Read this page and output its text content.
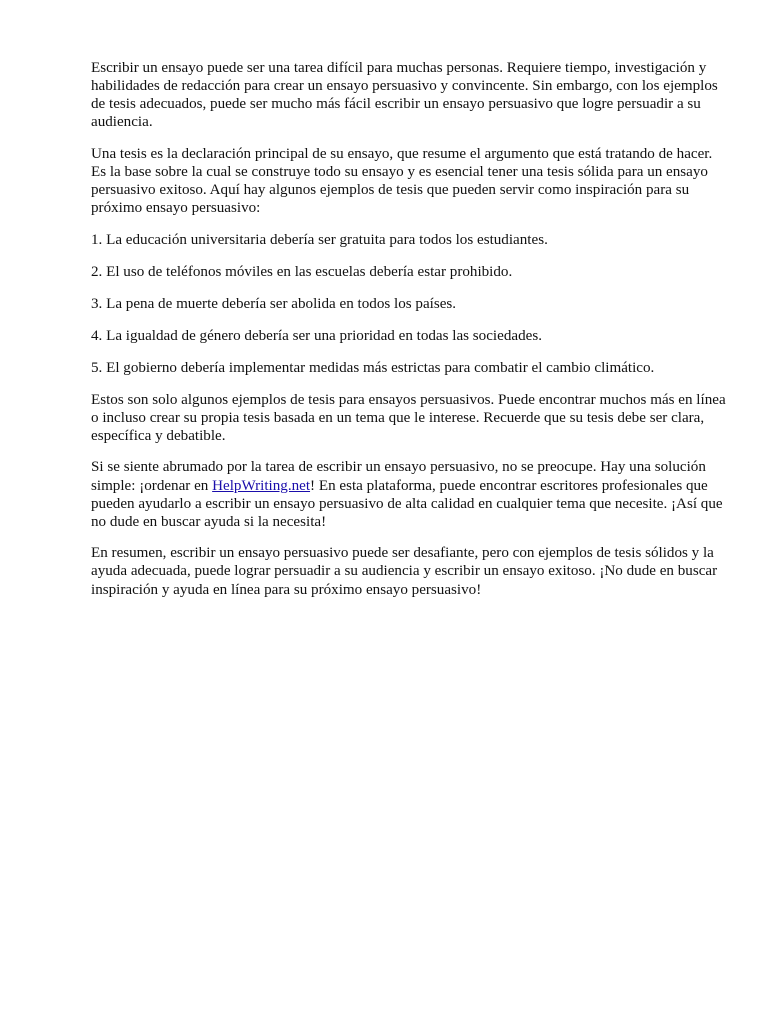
Escribir un ensayo puede ser una tarea difícil para muchas personas. Requiere tiempo, investigación y habilidades de redacción para crear un ensayo persuasivo y convincente. Sin embargo, con los ejemplos de tesis adecuados, puede ser mucho más fácil escribir un ensayo persuasivo que logre persuadir a su audiencia.

Una tesis es la declaración principal de su ensayo, que resume el argumento que está tratando de hacer. Es la base sobre la cual se construye todo su ensayo y es esencial tener una tesis sólida para un ensayo persuasivo exitoso. Aquí hay algunos ejemplos de tesis que pueden servir como inspiración para su próximo ensayo persuasivo:

1. La educación universitaria debería ser gratuita para todos los estudiantes.

2. El uso de teléfonos móviles en las escuelas debería estar prohibido.

3. La pena de muerte debería ser abolida en todos los países.

4. La igualdad de género debería ser una prioridad en todas las sociedades.

5. El gobierno debería implementar medidas más estrictas para combatir el cambio climático.

Estos son solo algunos ejemplos de tesis para ensayos persuasivos. Puede encontrar muchos más en línea o incluso crear su propia tesis basada en un tema que le interese. Recuerde que su tesis debe ser clara, específica y debatible.

Si se siente abrumado por la tarea de escribir un ensayo persuasivo, no se preocupe. Hay una solución simple: ¡ordenar en HelpWriting.net! En esta plataforma, puede encontrar escritores profesionales que pueden ayudarlo a escribir un ensayo persuasivo de alta calidad en cualquier tema que necesite. ¡Así que no dude en buscar ayuda si la necesita!

En resumen, escribir un ensayo persuasivo puede ser desafiante, pero con ejemplos de tesis sólidos y la ayuda adecuada, puede lograr persuadir a su audiencia y escribir un ensayo exitoso. ¡No dude en buscar inspiración y ayuda en línea para su próximo ensayo persuasivo!
